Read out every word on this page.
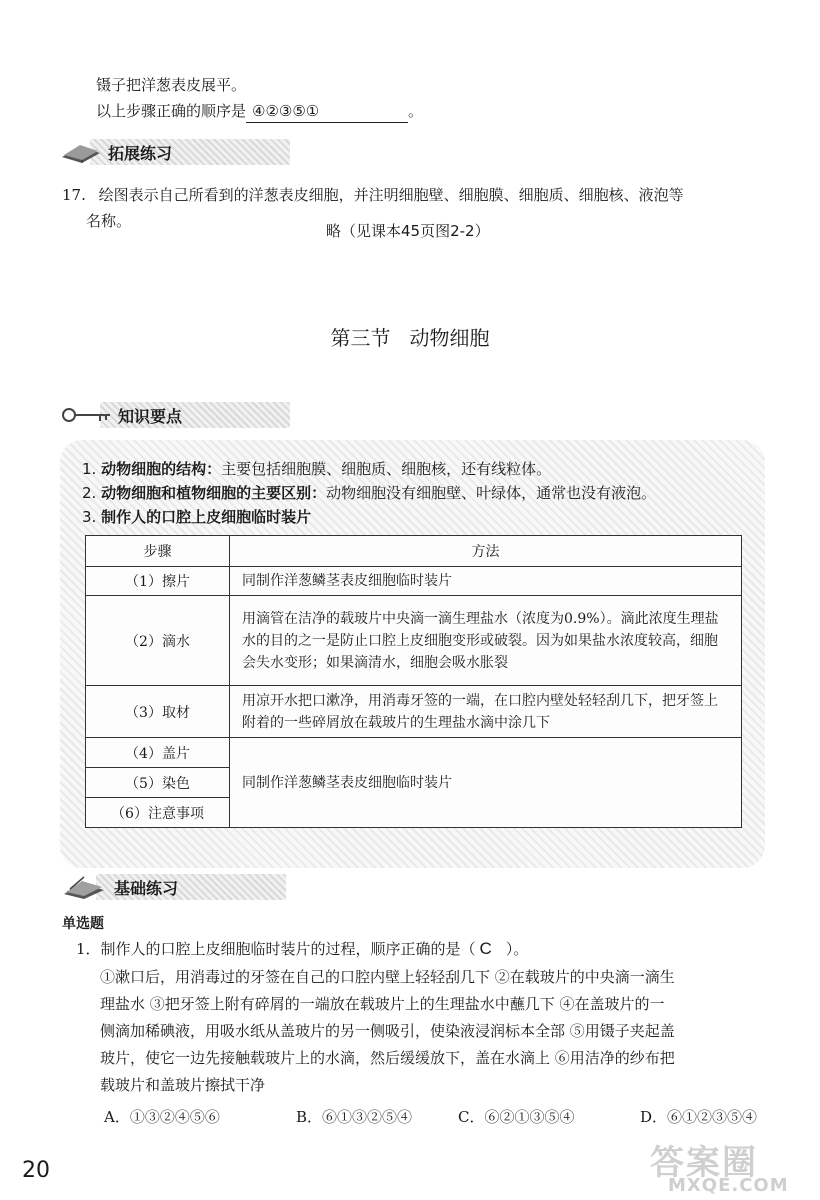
镊子把洋葱表皮展平。
以上步骤正确的顺序是 ④②③⑤①	。
拓展练习
17. 绘图表示自己所看到的洋葱表皮细胞，并注明细胞壁、细胞膜、细胞质、细胞核、液泡等
名称。
略（见课本45页图2-2）
第三节   动物细胞
知识要点
1. 动物细胞的结构：主要包括细胞膜、细胞质、细胞核，还有线粒体。
2. 动物细胞和植物细胞的主要区别：动物细胞没有细胞壁、叶绿体，通常也没有液泡。
3. 制作人的口腔上皮细胞临时装片
步骤	方法
（1）擦片	同制作洋葱鳞茎表皮细胞临时装片
（2）滴水	用滴管在洁净的载玻片中央滴一滴生理盐水（浓度为0.9%）。滴此浓度生理盐水的目的之一是防止口腔上皮细胞变形或破裂。因为如果盐水浓度较高，细胞会失水变形；如果滴清水，细胞会吸水胀裂
（3）取材	用凉开水把口漱净，用消毒牙签的一端，在口腔内壁处轻轻刮几下，把牙签上附着的一些碎屑放在载玻片的生理盐水滴中涂几下
（4）盖片	同制作洋葱鳞茎表皮细胞临时装片
（5）染色	
（6）注意事项	
基础练习
单选题
1．制作人的口腔上皮细胞临时装片的过程，顺序正确的是（ C ）。
①漱口后，用消毒过的牙签在自己的口腔内壁上轻轻刮几下 ②在载玻片的中央滴一滴生
理盐水 ③把牙签上附有碎屑的一端放在载玻片上的生理盐水中蘸几下 ④在盖玻片的一
侧滴加稀碘液，用吸水纸从盖玻片的另一侧吸引，使染液浸润标本全部 ⑤用镊子夹起盖
玻片，使它一边先接触载玻片上的水滴，然后缓缓放下，盖在水滴上 ⑥用洁净的纱布把
载玻片和盖玻片擦拭干净
A．①③②④⑤⑥	B．⑥①③②⑤④	C．⑥②①③⑤④	D．⑥①②③⑤④
20	答案圈
MXQE.COM
